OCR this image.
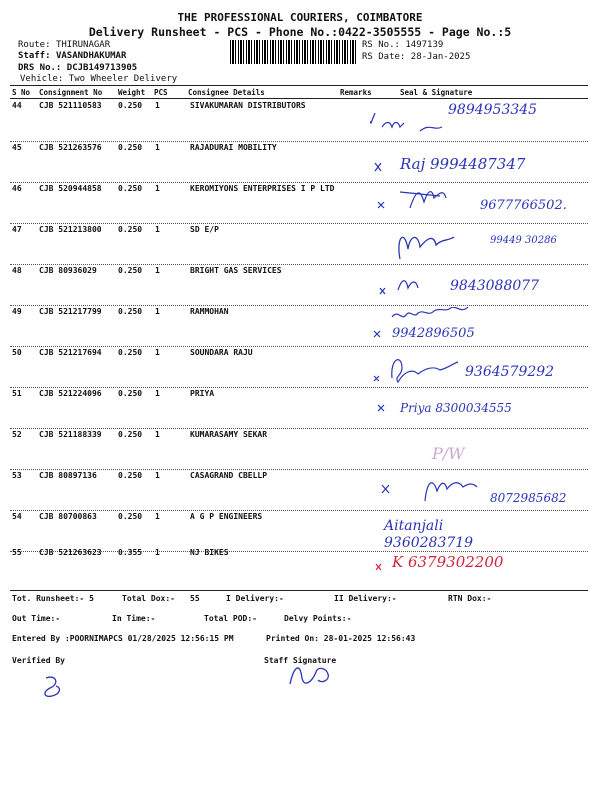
THE PROFESSIONAL COURIERS, COIMBATORE
Delivery Runsheet - PCS - Phone No.:0422-3505555 - Page No.:5
Route: THIRUNAGAR
Staff: VASANDHAKUMAR
DRS No.: DCJB149713905
Vehicle: Two Wheeler Delivery
RS No.: 1497139
RS Date: 28-Jan-2025
S No Consignment No Weight PCS	Consignee Details	Remarks	Seal & Signature
44 CJB 521110583 0.250 1	SIVAKUMARAN DISTRIBUTORS	9894953345
45 CJB 521263576 0.250 1	RAJADURAI MOBILITY
Raj 9994487347
46 CJB 520944858 0.250 1	KEROMIYONS ENTERPRISES I P LTD
9677766502.
47 CJB 521213800 0.250 1	SD E/P
99449 30286
48 CJB 80936029	0.250 1	BRIGHT GAS SERVICES
9843088077
49 CJB 521217799 0.250 1	RAMMOHAN
9942896505
50 CJB 521217694 0.250 1	SOUNDARA RAJU
9364579292
51 CJB 521224096 0.250 1	PRIYA
Priya 8300034555
52 CJB 521188339 0.250 1	KUMARASAMY SEKAR
P/W
53 CJB 80897136	0.250 1	CASAGRAND CBELLP
8072985682
54 CJB 80700863	0.250 1	A G P ENGINEERS
Aitanjali 9360283719
55 CJB 521263623 0.355 1	NJ BIKES
K 6379302200
Tot. Runsheet:- 5	Total Dox:- 55	I Delivery:-	II Delivery:-	RTN Dox:-
Out Time:-	In Time:-	Total POD:-	Delvy Points:-
Entered By :POORNIMAPCS 01/28/2025 12:56:15 PM	Printed On: 28-01-2025 12:56:43
Verified By	Staff Signature
